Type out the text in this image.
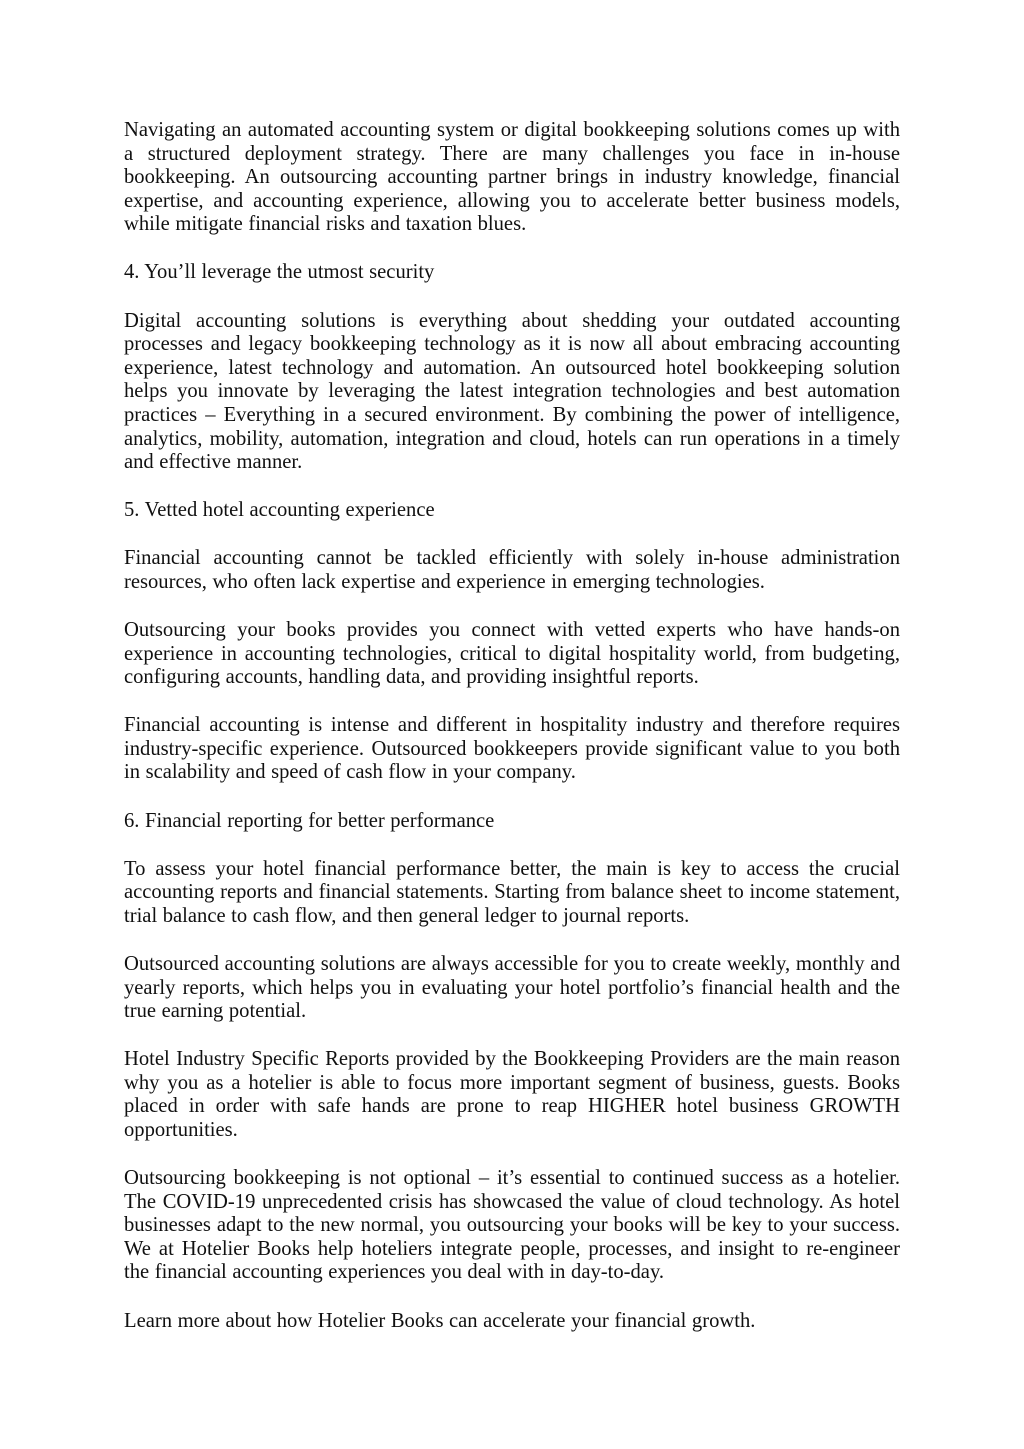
Navigating an automated accounting system or digital bookkeeping solutions comes up with a structured deployment strategy. There are many challenges you face in in-house bookkeeping. An outsourcing accounting partner brings in industry knowledge, financial expertise, and accounting experience, allowing you to accelerate better business models, while mitigate financial risks and taxation blues.

4. You’ll leverage the utmost security

Digital accounting solutions is everything about shedding your outdated accounting processes and legacy bookkeeping technology as it is now all about embracing accounting experience, latest technology and automation. An outsourced hotel bookkeeping solution helps you innovate by leveraging the latest integration technologies and best automation practices – Everything in a secured environment. By combining the power of intelligence, analytics, mobility, automation, integration and cloud, hotels can run operations in a timely and effective manner.

5. Vetted hotel accounting experience

Financial accounting cannot be tackled efficiently with solely in-house administration resources, who often lack expertise and experience in emerging technologies.

Outsourcing your books provides you connect with vetted experts who have hands-on experience in accounting technologies, critical to digital hospitality world, from budgeting, configuring accounts, handling data, and providing insightful reports.

Financial accounting is intense and different in hospitality industry and therefore requires industry-specific experience. Outsourced bookkeepers provide significant value to you both in scalability and speed of cash flow in your company.

6. Financial reporting for better performance

To assess your hotel financial performance better, the main is key to access the crucial accounting reports and financial statements. Starting from balance sheet to income statement, trial balance to cash flow, and then general ledger to journal reports.

Outsourced accounting solutions are always accessible for you to create weekly, monthly and yearly reports, which helps you in evaluating your hotel portfolio’s financial health and the true earning potential.

Hotel Industry Specific Reports provided by the Bookkeeping Providers are the main reason why you as a hotelier is able to focus more important segment of business, guests. Books placed in order with safe hands are prone to reap HIGHER hotel business GROWTH opportunities.

Outsourcing bookkeeping is not optional – it’s essential to continued success as a hotelier. The COVID-19 unprecedented crisis has showcased the value of cloud technology. As hotel businesses adapt to the new normal, you outsourcing your books will be key to your success. We at Hotelier Books help hoteliers integrate people, processes, and insight to re-engineer the financial accounting experiences you deal with in day-to-day.

Learn more about how Hotelier Books can accelerate your financial growth.
